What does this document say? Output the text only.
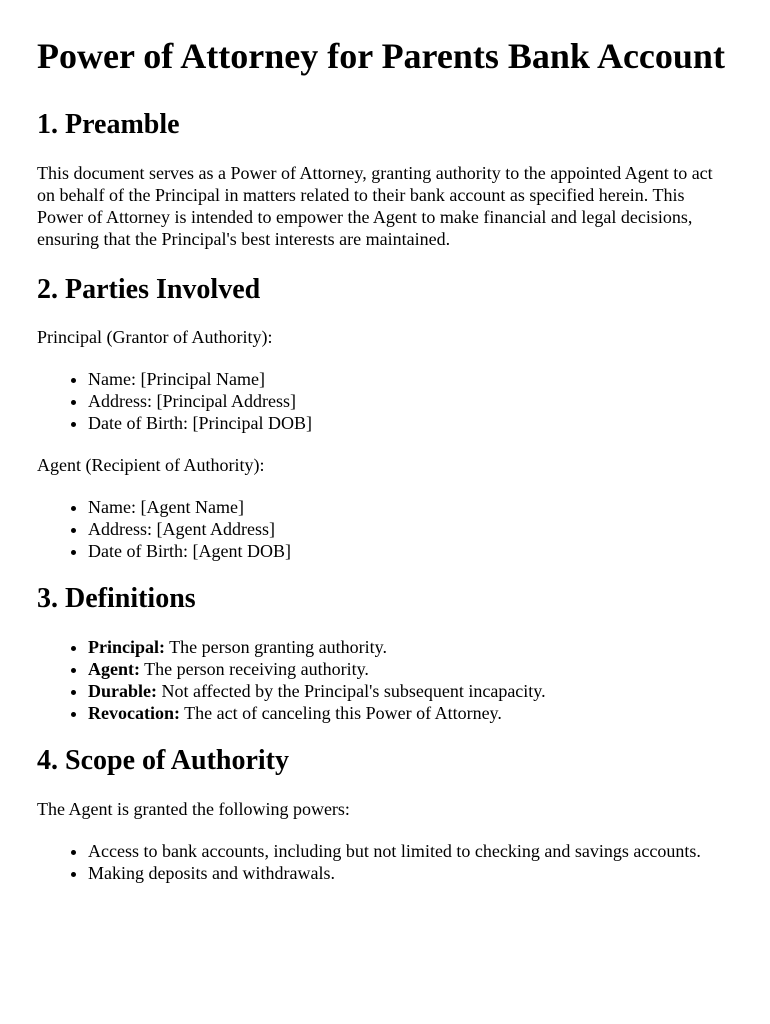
Power of Attorney for Parents Bank Account
1. Preamble

This document serves as a Power of Attorney, granting authority to the appointed Agent to act on behalf of the Principal in matters related to their bank account as specified herein. This Power of Attorney is intended to empower the Agent to make financial and legal decisions, ensuring that the Principal's best interests are maintained.

2. Parties Involved

Principal (Grantor of Authority):

• Name: [Principal Name]
• Address: [Principal Address]
• Date of Birth: [Principal DOB]

Agent (Recipient of Authority):

• Name: [Agent Name]
• Address: [Agent Address]
• Date of Birth: [Agent DOB]
3. Definitions
• Principal: The person granting authority.
• Agent: The person receiving authority.
• Durable: Not affected by the Principal's subsequent incapacity.
• Revocation: The act of canceling this Power of Attorney.
4. Scope of Authority

The Agent is granted the following powers:

• Access to bank accounts, including but not limited to checking and savings accounts.
• Making deposits and withdrawals.
